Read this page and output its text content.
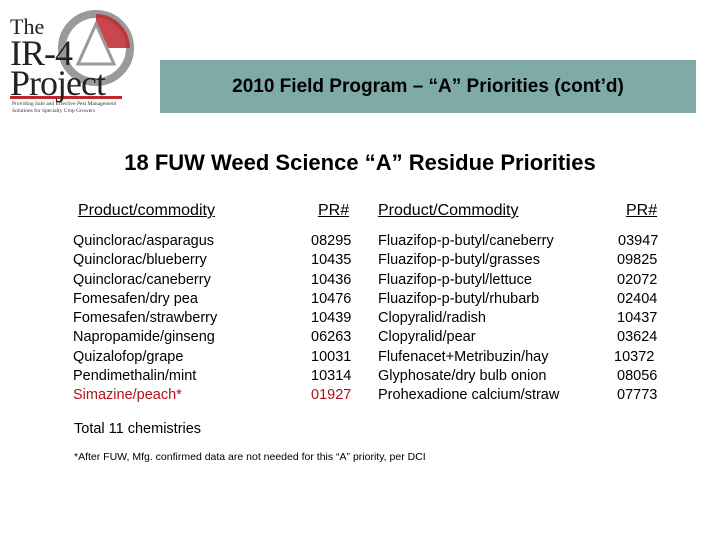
The
IR-4
Project
Providing Safe and Effective Pest Management Solutions for Specialty Crop Growers
2010 Field Program – “A” Priorities (cont’d)
18 FUW Weed Science “A” Residue Priorities
Product/commodity
Quinclorac/asparagus
Quinclorac/blueberry
Quinclorac/caneberry
Fomesafen/dry pea
Fomesafen/strawberry
Napropamide/ginseng
Quizalofop/grape
Pendimethalin/mint
Simazine/peach*
PR#
08295
10435
10436
10476
10439
06263
10031
10314
01927
Product/Commodity
Fluazifop-p-butyl/caneberry
Fluazifop-p-butyl/grasses
Fluazifop-p-butyl/lettuce
Fluazifop-p-butyl/rhubarb
Clopyralid/radish
Clopyralid/pear
Flufenacet+Metribuzin/hay
Glyphosate/dry bulb onion
Prohexadione calcium/straw
PR#
03947
09825
02072
02404
10437
03624
10372
08056
07773
Total 11 chemistries
*After FUW, Mfg. confirmed data are not needed for this “A” priority, per DCI
